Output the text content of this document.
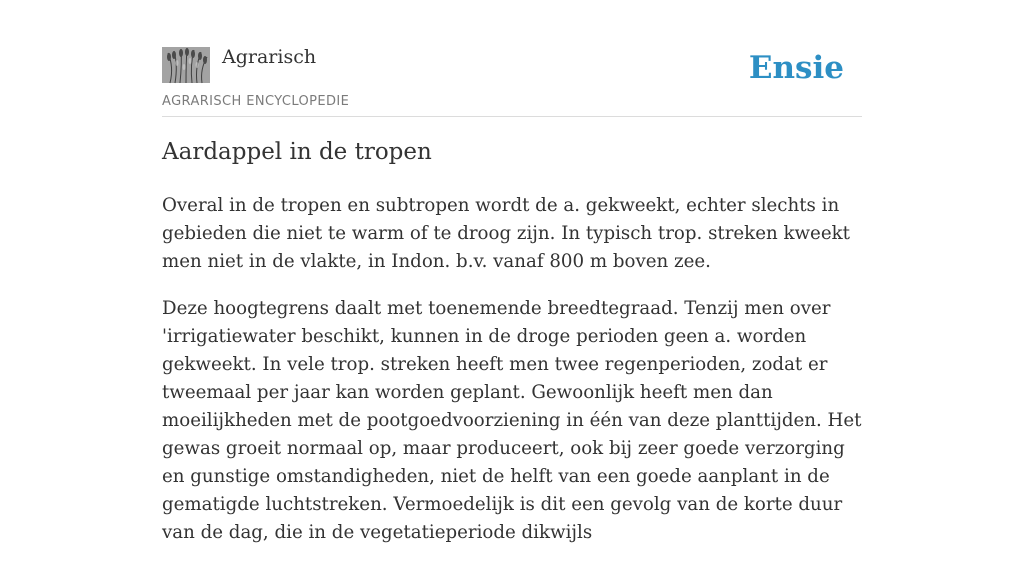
Agrarisch
AGRARISCH ENCYCLOPEDIE
Ensie
Aardappel in de tropen

Overal in de tropen en subtropen wordt de a. gekweekt, echter slechts in gebieden die niet te warm of te droog zijn. In typisch trop. streken kweekt men niet in de vlakte, in Indon. b.v. vanaf 800 m boven zee.

Deze hoogtegrens daalt met toenemende breedtegraad. Tenzij men over 'irrigatiewater beschikt, kunnen in de droge perioden geen a. worden gekweekt. In vele trop. streken heeft men twee regenperioden, zodat er tweemaal per jaar kan worden geplant. Gewoonlijk heeft men dan moeilijkheden met de pootgoedvoorziening in één van deze planttijden. Het gewas groeit normaal op, maar produceert, ook bij zeer goede verzorging en gunstige omstandigheden, niet de helft van een goede aanplant in de gematigde luchtstreken. Vermoedelijk is dit een gevolg van de korte duur van de dag, die in de vegetatieperiode dikwijls
